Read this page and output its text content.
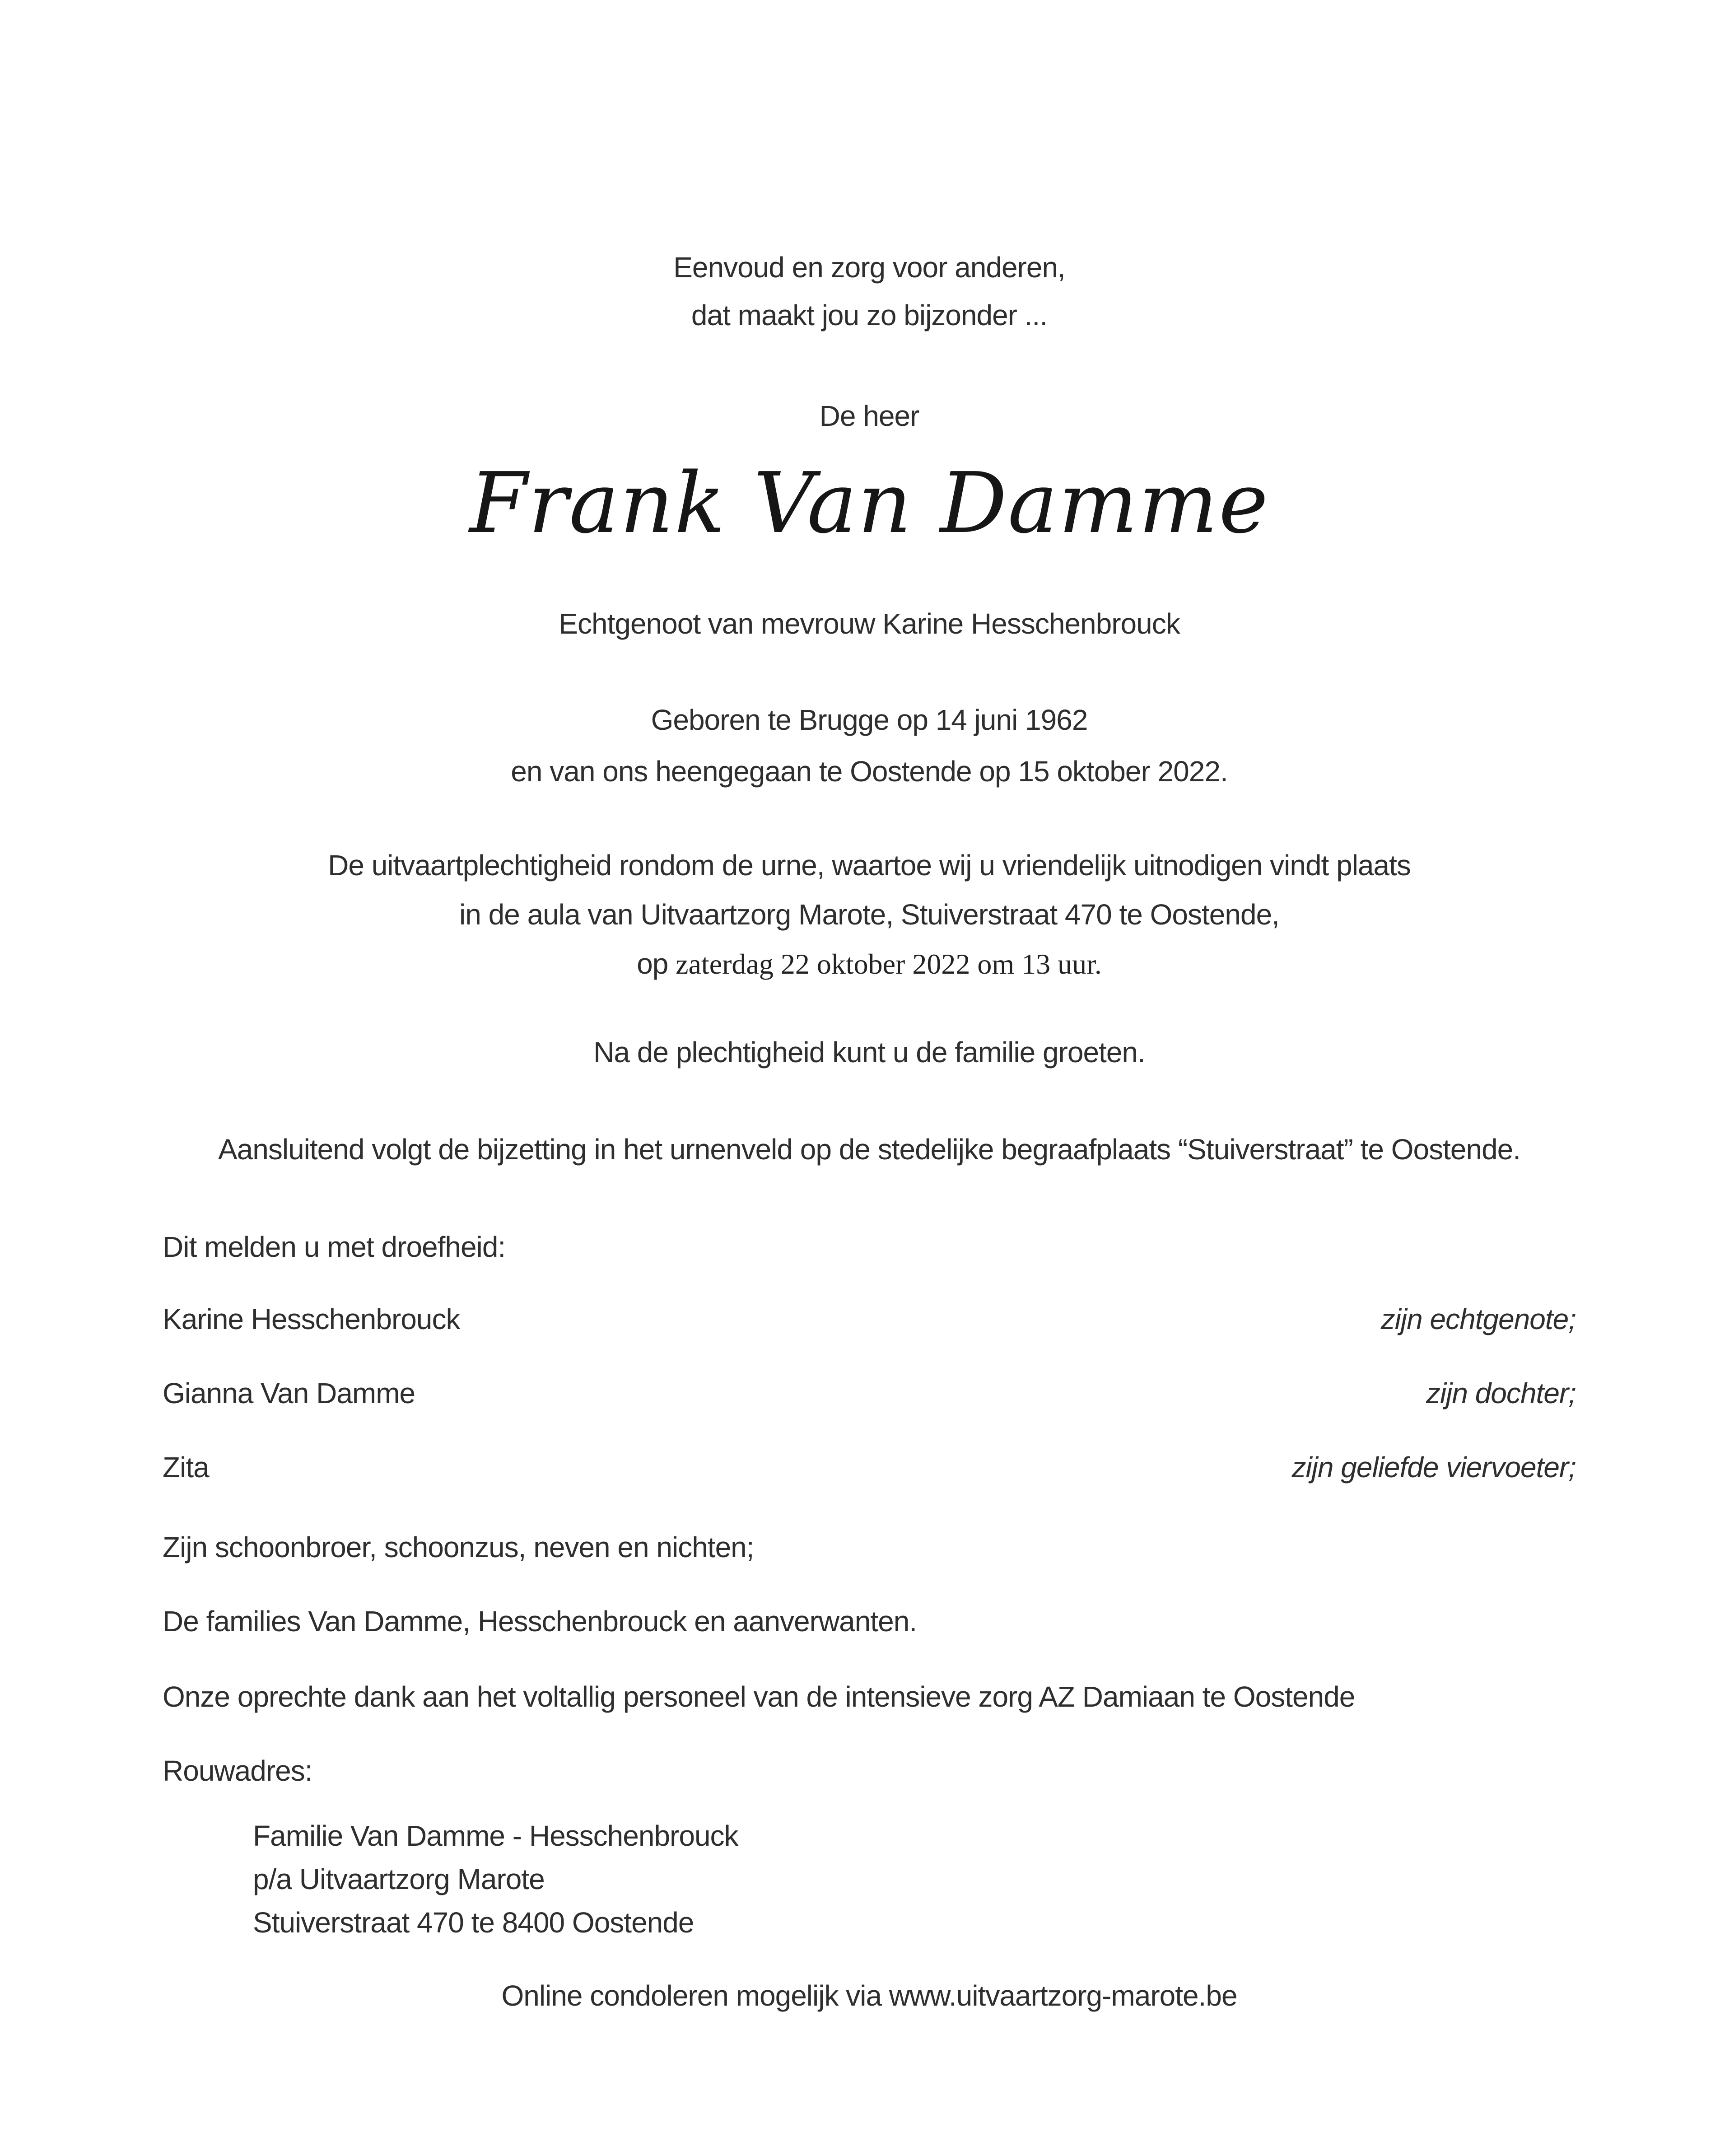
Eenvoud en zorg voor anderen,
dat maakt jou zo bijzonder ...
De heer
Frank Van Damme
Echtgenoot van mevrouw Karine Hesschenbrouck
Geboren te Brugge op 14 juni 1962
en van ons heengegaan te Oostende op 15 oktober 2022.
De uitvaartplechtigheid rondom de urne, waartoe wij u vriendelijk uitnodigen vindt plaats
in de aula van Uitvaartzorg Marote, Stuiverstraat 470 te Oostende,
op zaterdag 22 oktober 2022 om 13 uur.
Na de plechtigheid kunt u de familie groeten.
Aansluitend volgt de bijzetting in het urnenveld op de stedelijke begraafplaats “Stuiverstraat” te Oostende.
Dit melden u met droefheid:
Karine Hesschenbrouck	zijn echtgenote;
Gianna Van Damme	zijn dochter;
Zita	zijn geliefde viervoeter;
Zijn schoonbroer, schoonzus, neven en nichten;
De families Van Damme, Hesschenbrouck en aanverwanten.
Onze oprechte dank aan het voltallig personeel van de intensieve zorg AZ Damiaan te Oostende
Rouwadres:
Familie Van Damme - Hesschenbrouck
p/a Uitvaartzorg Marote
Stuiverstraat 470 te 8400 Oostende
Online condoleren mogelijk via www.uitvaartzorg-marote.be
